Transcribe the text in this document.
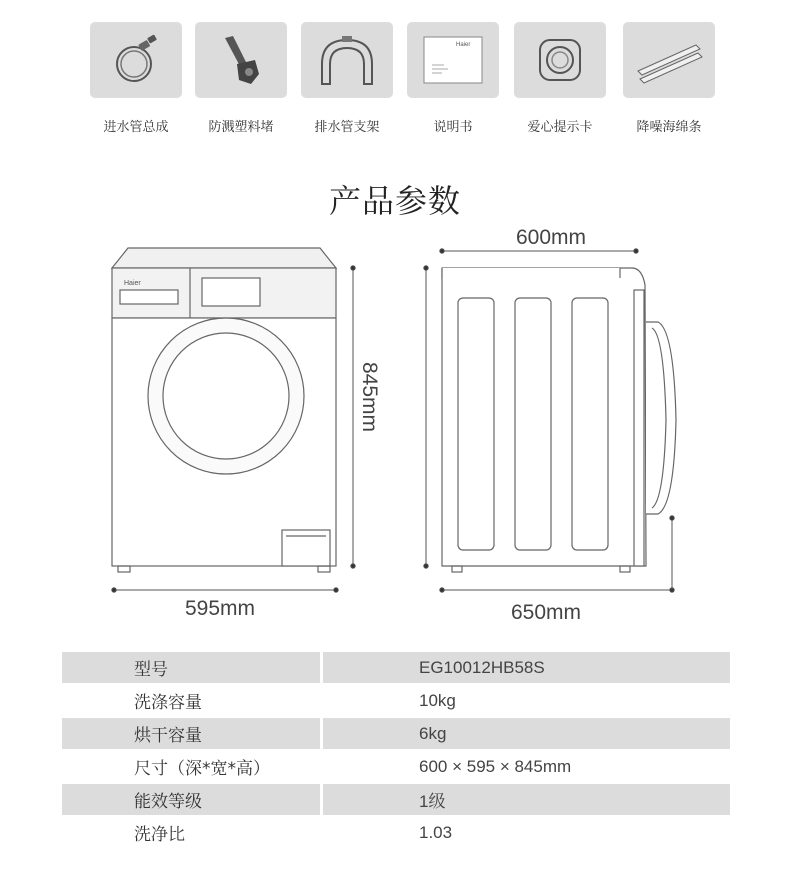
进水管总成	防溅塑料堵	排水管支架
Haier
说明书	爱心提示卡	降噪海绵条
产品参数
Haier
595mm
845mm
600mm
650mm
型号		EG10012HB58S
洗涤容量		10kg
烘干容量		6kg
尺寸（深*宽*高）		600 × 595 × 845mm
能效等级		1级
洗净比		1.03
